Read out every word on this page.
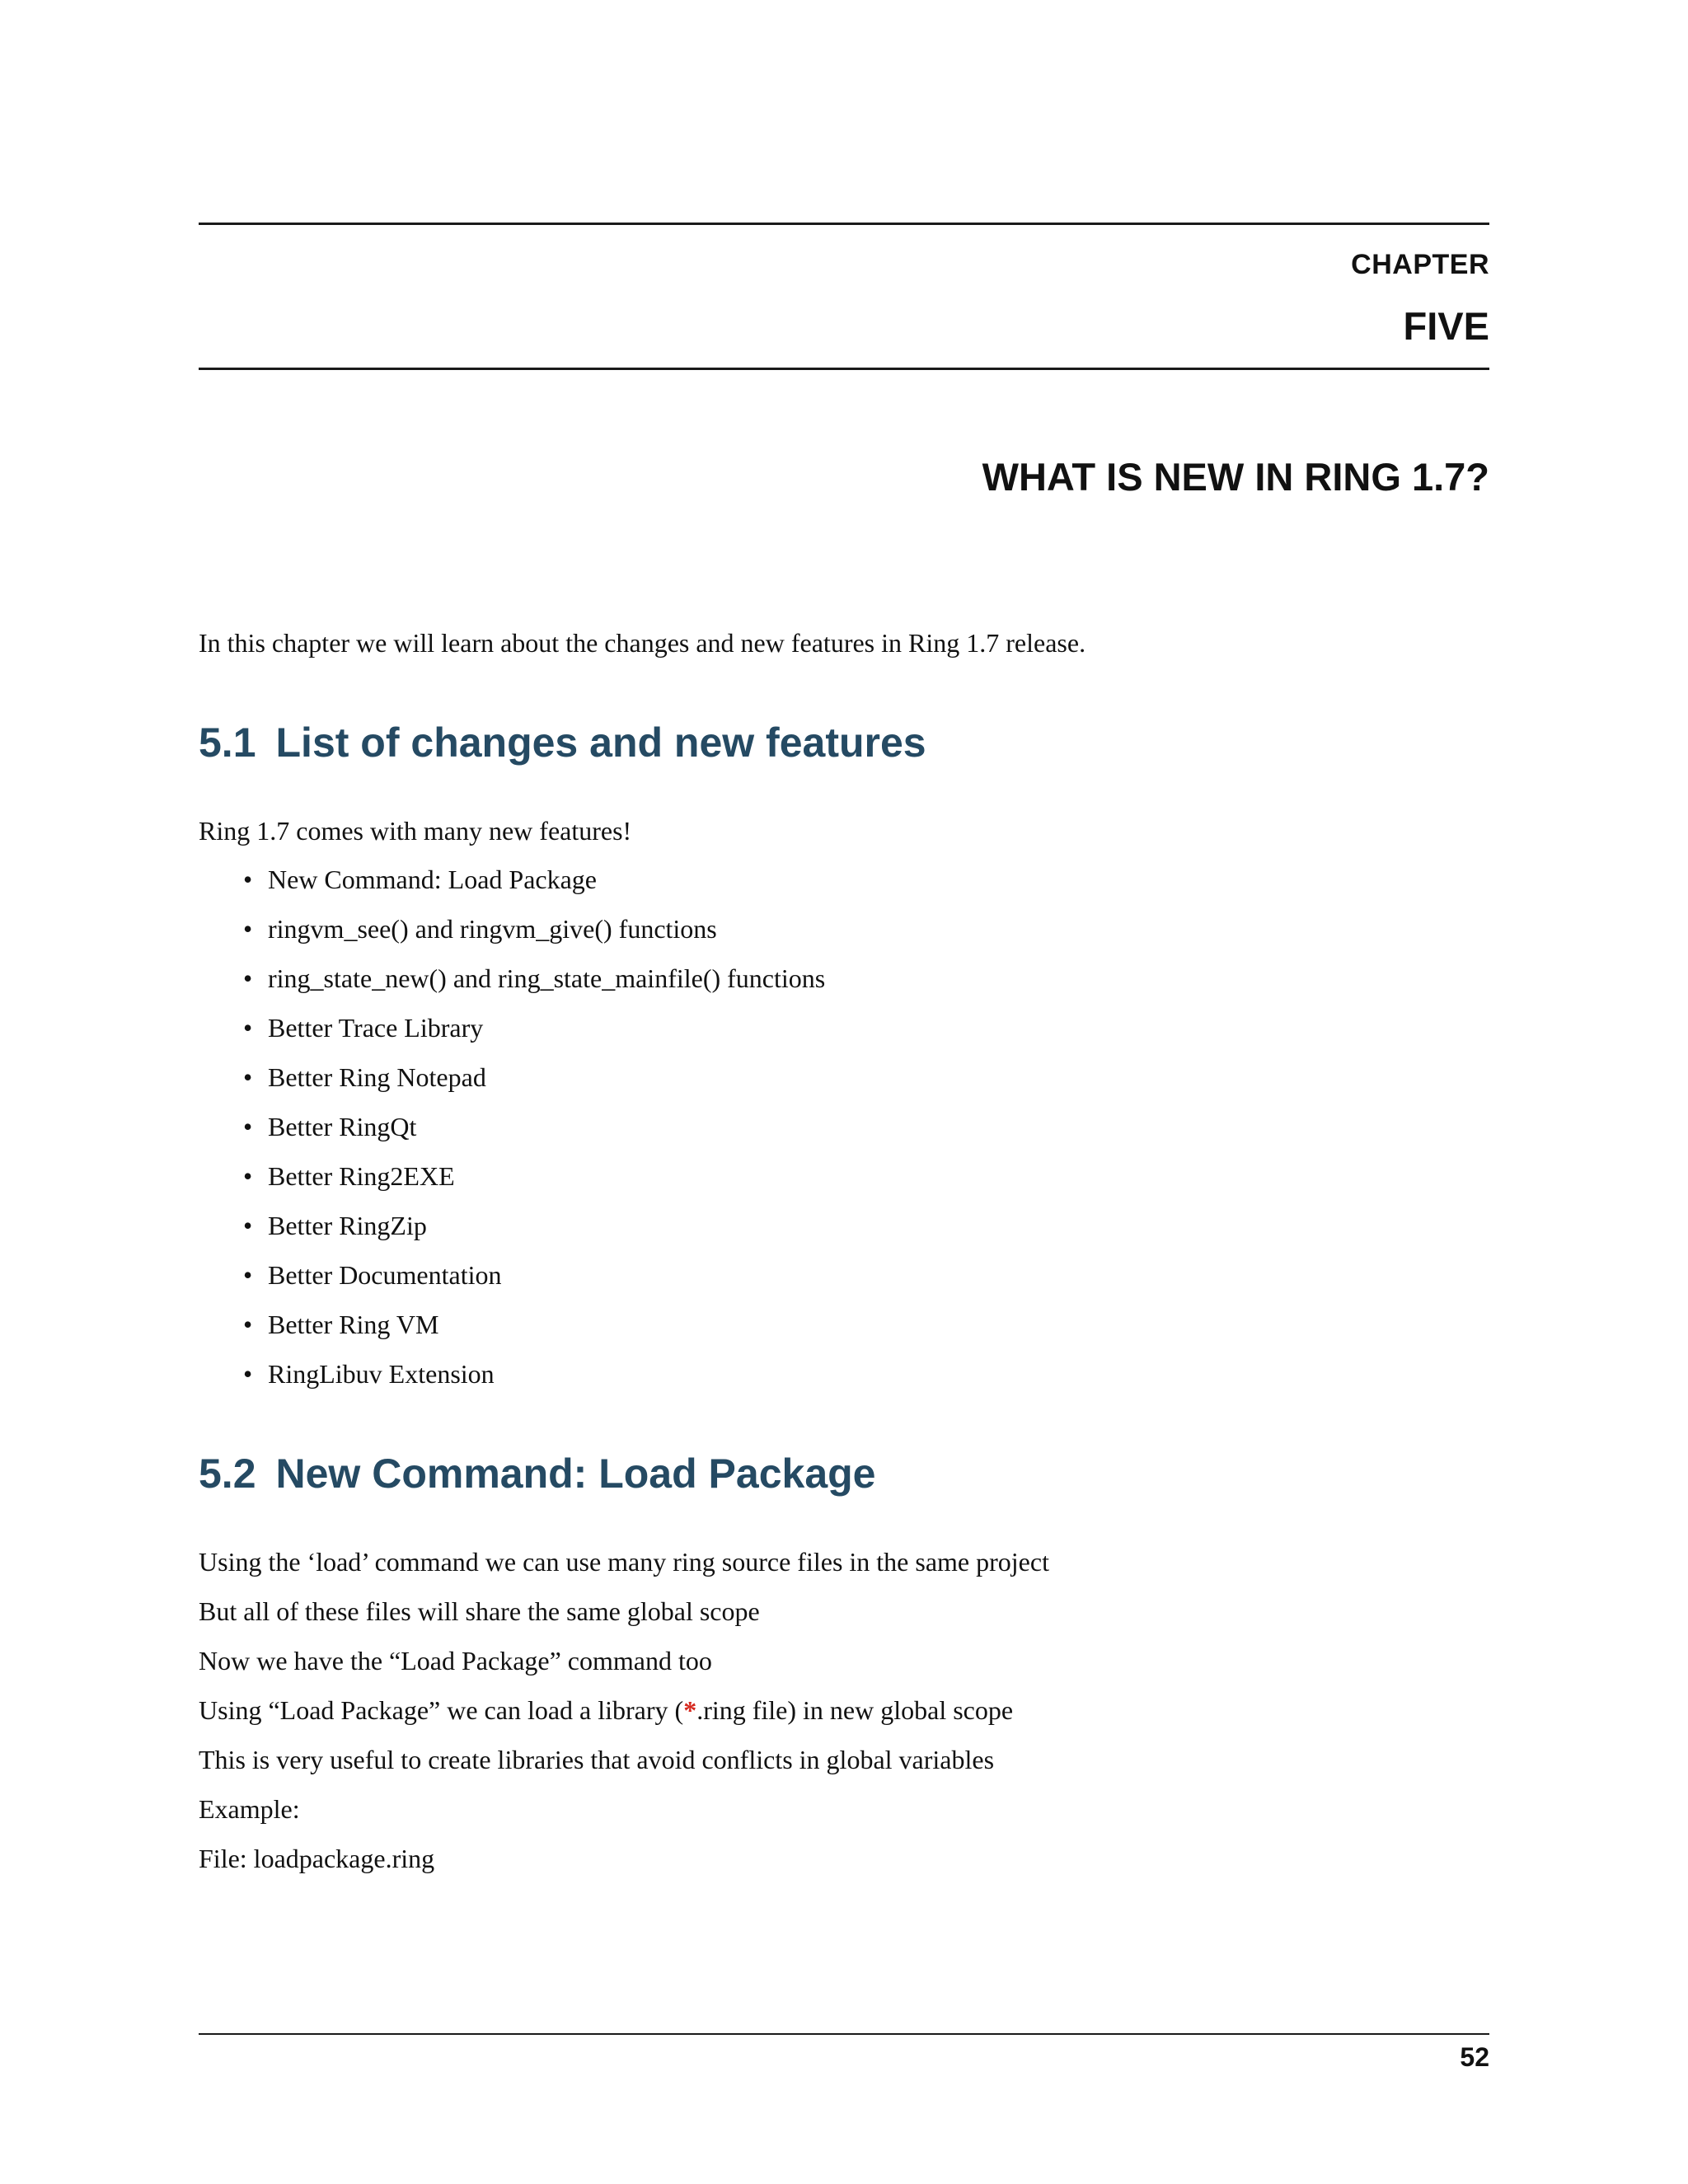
CHAPTER
FIVE
WHAT IS NEW IN RING 1.7?
In this chapter we will learn about the changes and new features in Ring 1.7 release.
5.1 List of changes and new features
Ring 1.7 comes with many new features!
• New Command: Load Package
• ringvm_see() and ringvm_give() functions
• ring_state_new() and ring_state_mainfile() functions
• Better Trace Library
• Better Ring Notepad
• Better RingQt
• Better Ring2EXE
• Better RingZip
• Better Documentation
• Better Ring VM
• RingLibuv Extension
5.2 New Command: Load Package
Using the ‘load’ command we can use many ring source files in the same project
But all of these files will share the same global scope
Now we have the “Load Package” command too
Using “Load Package” we can load a library (*.ring file) in new global scope
This is very useful to create libraries that avoid conflicts in global variables
Example:
File: loadpackage.ring
52
